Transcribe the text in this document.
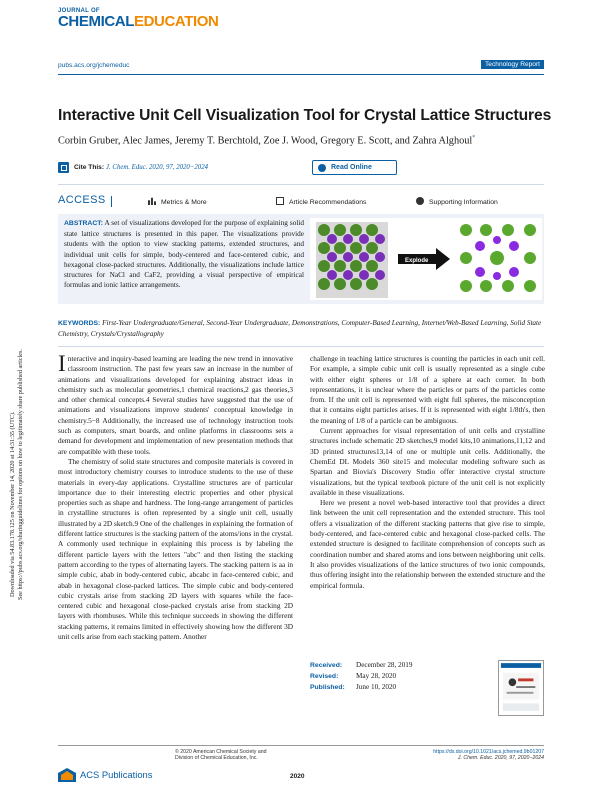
JOURNAL OF
CHEMICALEDUCATION
pubs.acs.org/jchemeduc	Technology Report
Interactive Unit Cell Visualization Tool for Crystal Lattice Structures
Corbin Gruber, Alec James, Jeremy T. Berchtold, Zoe J. Wood, Gregory E. Scott, and Zahra Alghoul*
Cite This: J. Chem. Educ. 2020, 97, 2020−2024	Read Online
ACCESS	Metrics & More	Article Recommendations	Supporting Information
ABSTRACT: A set of visualizations developed for the purpose of explaining solid state lattice structures is presented in this paper. The visualizations provide students with the option to view stacking patterns, extended structures, and individual unit cells for simple, body-centered and face-centered cubic, and hexagonal close-packed structures. Additionally, the visualizations include lattice structures for NaCl and CaF2, providing a visual perspective of empirical formulas and ionic lattice arrangements.
Explode
KEYWORDS: First-Year Undergraduate/General, Second-Year Undergraduate, Demonstrations, Computer-Based Learning, Internet/Web-Based Learning, Solid State Chemistry, Crystals/Crystallography

Interactive and inquiry-based learning are leading the new trend in innovative classroom instruction. The past few years saw an increase in the number of animations and visualizations developed for explaining abstract ideas in chemistry such as molecular geometries,1 chemical reactions,2 gas theories,3 and other chemical concepts.4 Several studies have suggested that the use of animations and visualizations improve students' conceptual knowledge in chemistry.5−8 Additionally, the increased use of technology instruction tools such as computers, smart boards, and online platforms in classrooms sets a demand for development and implementation of new presentation methods that are compatible with these tools.

The chemistry of solid state structures and composite materials is covered in most introductory chemistry courses to introduce students to the use of these materials in every-day applications. Crystalline structures are of particular importance due to their interesting electric properties and other physical properties such as shape and hardness. The long-range arrangement of particles in crystalline structures is often represented by a single unit cell, usually illustrated by a 2D sketch.9 One of the challenges in explaining the formation of different lattice structures is the stacking pattern of the atoms/ions in the crystal. A commonly used technique in explaining this process is by labeling the different particle layers with the letters "abc" and then listing the stacking pattern according to the types of alternating layers. The stacking pattern is aa in simple cubic, abab in body-centered cubic, abcabc in face-centered cubic, and abab in hexagonal close-packed lattices. The simple cubic and body-centered cubic crystals arise from stacking 2D layers with squares while the face-centered cubic and hexagonal close-packed crystals arise from stacking 2D layers with rhombuses. While this technique succeeds in showing the different stacking patterns, it remains limited in effectively showing how the different 3D unit cells arise from each stacking pattern. Another

challenge in teaching lattice structures is counting the particles in each unit cell. For example, a simple cubic unit cell is usually represented as a single cube with either eight spheres or 1/8 of a sphere at each corner. In both representations, it is unclear where the particles or parts of the particles come from. If the unit cell is represented with eight full spheres, the misconception that it contains eight particles arises. If it is represented with eight 1/8th's, then the meaning of 1/8 of a particle can be ambiguous.

Current approaches for visual representation of unit cells and crystalline structures include schematic 2D sketches,9 model kits,10 animations,11,12 and 3D printed structures13,14 of one or multiple unit cells. Additionally, the ChemEd DL Models 360 site15 and molecular modeling software such as Spartan and Biovia's Discovery Studio offer interactive crystal structure visualizations, but the typical textbook picture of the unit cell is not explicitly available in these visualizations.

Here we present a novel web-based interactive tool that provides a direct link between the unit cell representation and the extended structure. This tool offers a visualization of the different stacking patterns that give rise to simple, body-centered, and face-centered cubic and hexagonal close-packed cells. The extended structure is designed to facilitate comprehension of concepts such as coordination number and shared atoms and ions between neighboring unit cells. It also provides visualizations of the lattice structures of two ionic compounds, thus offering insight into the relationship between the extended structure and the empirical formula.

Received:	December 28, 2019
Revised:	May 28, 2020
Published:	June 10, 2020
Downloaded via 54.83.178.125 on November 14, 2020 at 14:31:35 (UTC). See https://pubs.acs.org/sharingguidelines for options on how to legitimately share published articles.
ACS Publications
© 2020 American Chemical Society and
Division of Chemical Education, Inc.
2020
https://dx.doi.org/10.1021/acs.jchemed.9b01207
J. Chem. Educ. 2020, 97, 2020−2024
